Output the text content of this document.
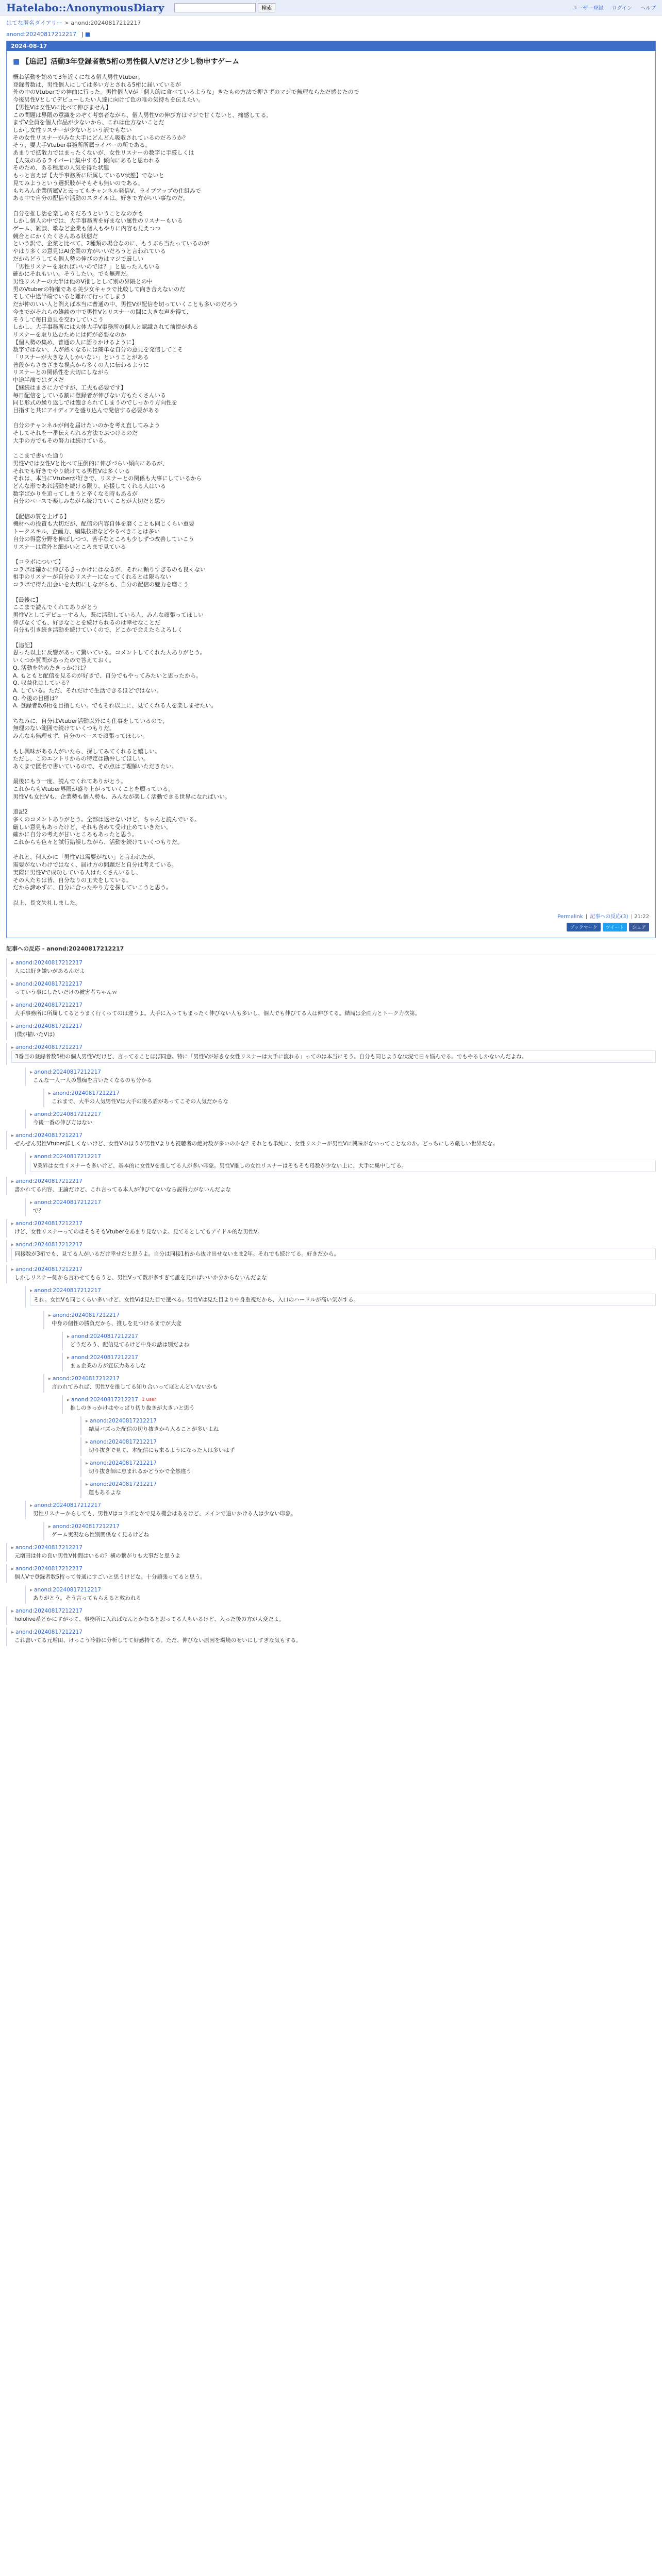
Hatelabo::AnonymousDiary	検索	ユーザー登録 ログイン ヘルプ
はてな匿名ダイアリー > anond:20240817212217
anond:20240817212217 | ■
2024-08-17
■ 【追記】活動3年登録者数5桁の男性個人Vだけど少し物申すゲーム
概ね活動を始めて3年近くになる個人男性Vtuber。
登録者数は、男性個人にしては多い方とされる5桁に届いているが
外の中のVtuberでの神曲に行った。男性個人Vが「個人的に食べているような」きたもの方法で押さずのマジで無理ならただ感じたので
今後男性Vとしてデビューしたい人達に向けて色の唯の気持ちを伝えたい。
【男性Vは女性Vに比べて伸びません】
この問題は界隈の意識をのぞく考察者ながら、個人男性Vの伸び方はマジで甘くないと、痛感してる。
まずV全員を個人作品が少ないから、これは仕方ないことだ
しかし女性リスナーが少ないという訳でもない
その女性リスナーがみな大手にどんどん吸収されているのだろうか？
そう、要大手Vtuber事務所所属ライバーの所である。
あまりで拡散力ではまったくないが、女性リスナーの数字に手厳しくは
【人気のあるライバーに集中する】傾向にあると思われる
そのため、ある程度の人気を得た状態
もっと言えば【大手事務所に所属しているV状態】でないと
見てみようという選択肢がそもそも無いのである。
もちろん企業所属Vと云ってもチャンネル発信V、ライブアップの仕組みで
ある中で自分の配信や活動のスタイルは、好きで方がいい事なのだ。

自分を推し活を楽しめるだろうということなのかも
しかし個人の中では、大手事務所を好まない属性のリスナーもいる
ゲーム、雑談、歌など企業も個人もやりに内容も見えつつ
競合とにかくたくさんある状態だ
という訳で、企業と比べて、2種類の場合なのに、もうぶち当たっているのが
やはり多くの意見はAI企業の方がいいだろうと言われている
だからどうしても個人勢の伸びの方はマジで厳しい
「男性リスナーを取ればいいのでは？」と思った人もいる
確かにそれもいい。そうしたい。でも無理だ。
男性リスナーの大半は他のV推しとして別の界隈との中
男のVtuberの特権である美少女キャラで比較して向き合えないのだ
そして中途半端でいると離れて行ってしまう
だが仲のいい人と例えば本当に普通の中、男性Vが配信を切っていくことも多いのだろう
今までがそれらの雑談の中で男性Vとリスナーの間に大きな声を得て、
そうして毎日意見を交わしていこう
しかし、大手事務所には大体大手V事務所の個人と認識されて前提がある
リスナーを取り込むためには何が必要なのか
【個人勢の集め、普通の人に語りかけるように】
数字ではない、人が熱くなるには簡単な自分の意見を発信してこそ
「リスナーが大きな人しかいない」ということがある
普段からさまざまな視点から多くの人に伝わるように
リスナーとの関係性を大切にしながら
中途半端ではダメだ
【継続はまさに力ですが、工夫も必要です】
毎日配信をしている割に登録者が伸びない方もたくさんいる
同じ形式の繰り返しでは飽きられてしまうのでしっかり方向性を
目指すと共にアイディアを盛り込んで発信する必要がある

自分のチャンネルが何を届けたいのかを考え直してみよう
そしてそれを一番伝えられる方法でぶつけるのだ
大手の方でもその努力は続けている。

ここまで書いた通り
男性Vでは女性Vと比べて圧倒的に伸びづらい傾向にあるが、
それでも好きでやり続けてる男性Vは多くいる
それは、本当にVtuberが好きで、リスナーとの関係も大事にしているから
どんな形であれ活動を続ける限り、応援してくれる人はいる
数字ばかりを追ってしまうと辛くなる時もあるが
自分のペースで楽しみながら続けていくことが大切だと思う

【配信の質を上げる】
機材への投資も大切だが、配信の内容自体を磨くことも同じくらい重要
トークスキル、企画力、編集技術などやるべきことは多い
自分の得意分野を伸ばしつつ、苦手なところも少しずつ改善していこう
リスナーは意外と細かいところまで見ている

【コラボについて】
コラボは確かに伸びるきっかけにはなるが、それに頼りすぎるのも良くない
相手のリスナーが自分のリスナーになってくれるとは限らない
コラボで得た出会いを大切にしながらも、自分の配信の魅力を磨こう

【最後に】
ここまで読んでくれてありがとう
男性Vとしてデビューする人、既に活動している人、みんな頑張ってほしい
伸びなくても、好きなことを続けられるのは幸せなことだ
自分も引き続き活動を続けていくので、どこかで会えたらよろしく

【追記】
思った以上に反響があって驚いている。コメントしてくれた人ありがとう。
いくつか質問があったので答えておく。
Q. 活動を始めたきっかけは？
A. もともと配信を見るのが好きで、自分でもやってみたいと思ったから。
Q. 収益化はしている？
A. している。ただ、それだけで生活できるほどではない。
Q. 今後の目標は？
A. 登録者数6桁を目指したい。でもそれ以上に、見てくれる人を楽しませたい。

ちなみに、自分はVtuber活動以外にも仕事をしているので、
無理のない範囲で続けていくつもりだ。
みんなも無理せず、自分のペースで頑張ってほしい。

もし興味がある人がいたら、探してみてくれると嬉しい。
ただし、このエントリからの特定は勘弁してほしい。
あくまで匿名で書いているので、その点はご理解いただきたい。

最後にもう一度、読んでくれてありがとう。
これからもVtuber界隈が盛り上がっていくことを願っている。
男性Vも女性Vも、企業勢も個人勢も、みんなが楽しく活動できる世界になればいい。

追記2
多くのコメントありがとう。全部は返せないけど、ちゃんと読んでいる。
厳しい意見もあったけど、それも含めて受け止めていきたい。
確かに自分の考えが甘いところもあったと思う。
これからも色々と試行錯誤しながら、活動を続けていくつもりだ。

それと、何人かに「男性Vは需要がない」と言われたが、
需要がないわけではなく、届け方の問題だと自分は考えている。
実際に男性Vで成功している人はたくさんいるし、
その人たちは皆、自分なりの工夫をしている。
だから諦めずに、自分に合ったやり方を探していこうと思う。

以上、長文失礼しました。
Permalink | 記事への反応(3) | 21:22
ブックマーク	ツイート	シェア
記事への反応 - anond:20240817212217
▸ anond:20240817212217
人には好き嫌いがあるんだよ
▸ anond:20240817212217
っていう事にしたいだけの被害者ちゃんｗ
▸ anond:20240817212217
大手事務所に所属してるとうまく行くってのは違うよ。大手に入ってもまったく伸びない人も多いし、個人でも伸びてる人は伸びてる。結局は企画力とトーク力次第。
▸ anond:20240817212217
(僕が描いたVは)
▸ anond:20240817212217
3番目の登録者数5桁の個人男性Vだけど、言ってることほぼ同意。特に「男性Vが好きな女性リスナーは大手に流れる」ってのは本当にそう。自分も同じような状況で日々悩んでる。でもやるしかないんだよね。
▸ anond:20240817212217
こんな一人一人の愚痴を言いたくなるのも分かる
▸ anond:20240817212217
これまで、大半の人気男性Vは大手の後ろ盾があってこその人気だからな
▸ anond:20240817212217
今後一番の伸び方はない
▸ anond:20240817212217
ぜんぜん男性Vtuber詳しくないけど、女性Vのほうが男性Vよりも視聴者の絶対数が多いのかな？それとも単純に、女性リスナーが男性Vに興味がないってことなのか。どっちにしろ厳しい世界だな。
▸ anond:20240817212217
V業界は女性リスナーも多いけど、基本的に女性Vを推してる人が多い印象。男性V推しの女性リスナーはそもそも母数が少ない上に、大手に集中してる。
▸ anond:20240817212217
書かれてる内容、正論だけど、これ言ってる本人が伸びてないなら説得力がないんだよな
▸ anond:20240817212217
で？
▸ anond:20240817212217
けど、女性リスナーってのはそもそもVtuberをあまり見ないよ。見てるとしてもアイドル的な男性V。
▸ anond:20240817212217
同接数が3桁でも、見てる人がいるだけ幸せだと思うよ。自分は同接1桁から抜け出せないまま2年。それでも続けてる。好きだから。
▸ anond:20240817212217
しかしリスナー側から言わせてもらうと、男性Vって数が多すぎて誰を見ればいいか分からないんだよな
▸ anond:20240817212217
それ。女性Vも同じくらい多いけど、女性Vは見た目で選べる。男性Vは見た目より中身重視だから、入口のハードルが高い気がする。
▸ anond:20240817212217
中身の個性の勝負だから、推しを見つけるまでが大変
▸ anond:20240817212217
どうだろう、配信見てるけど中身の話は別だよね
▸ anond:20240817212217
まぁ企業の方が宣伝力あるしな
▸ anond:20240817212217
言われてみれば、男性Vを推してる知り合いってほとんどいないかも
▸ anond:20240817212217 1 user
推しのきっかけはやっぱり切り抜きが大きいと思う
▸ anond:20240817212217
結局バズった配信の切り抜きから入ることが多いよね
▸ anond:20240817212217
切り抜きで見て、本配信にも来るようになった人は多いはず
▸ anond:20240817212217
切り抜き師に恵まれるかどうかで全然違う
▸ anond:20240817212217
運もあるよな
▸ anond:20240817212217
男性リスナーからしても、男性Vはコラボとかで見る機会はあるけど、メインで追いかける人は少ない印象。
▸ anond:20240817212217
ゲーム実況なら性別関係なく見るけどね
▸ anond:20240817212217
元増田は仲の良い男性V仲間はいるの？横の繋がりも大事だと思うよ
▸ anond:20240817212217
個人Vで登録者数5桁って普通にすごいと思うけどな。十分頑張ってると思う。
▸ anond:20240817212217
ありがとう。そう言ってもらえると救われる
▸ anond:20240817212217
hololive系とかにすがって、事務所に入ればなんとかなると思ってる人もいるけど、入った後の方が大変だよ。
▸ anond:20240817212217
これ書いてる元増田、けっこう冷静に分析してて好感持てる。ただ、伸びない原因を環境のせいにしすぎな気もする。
